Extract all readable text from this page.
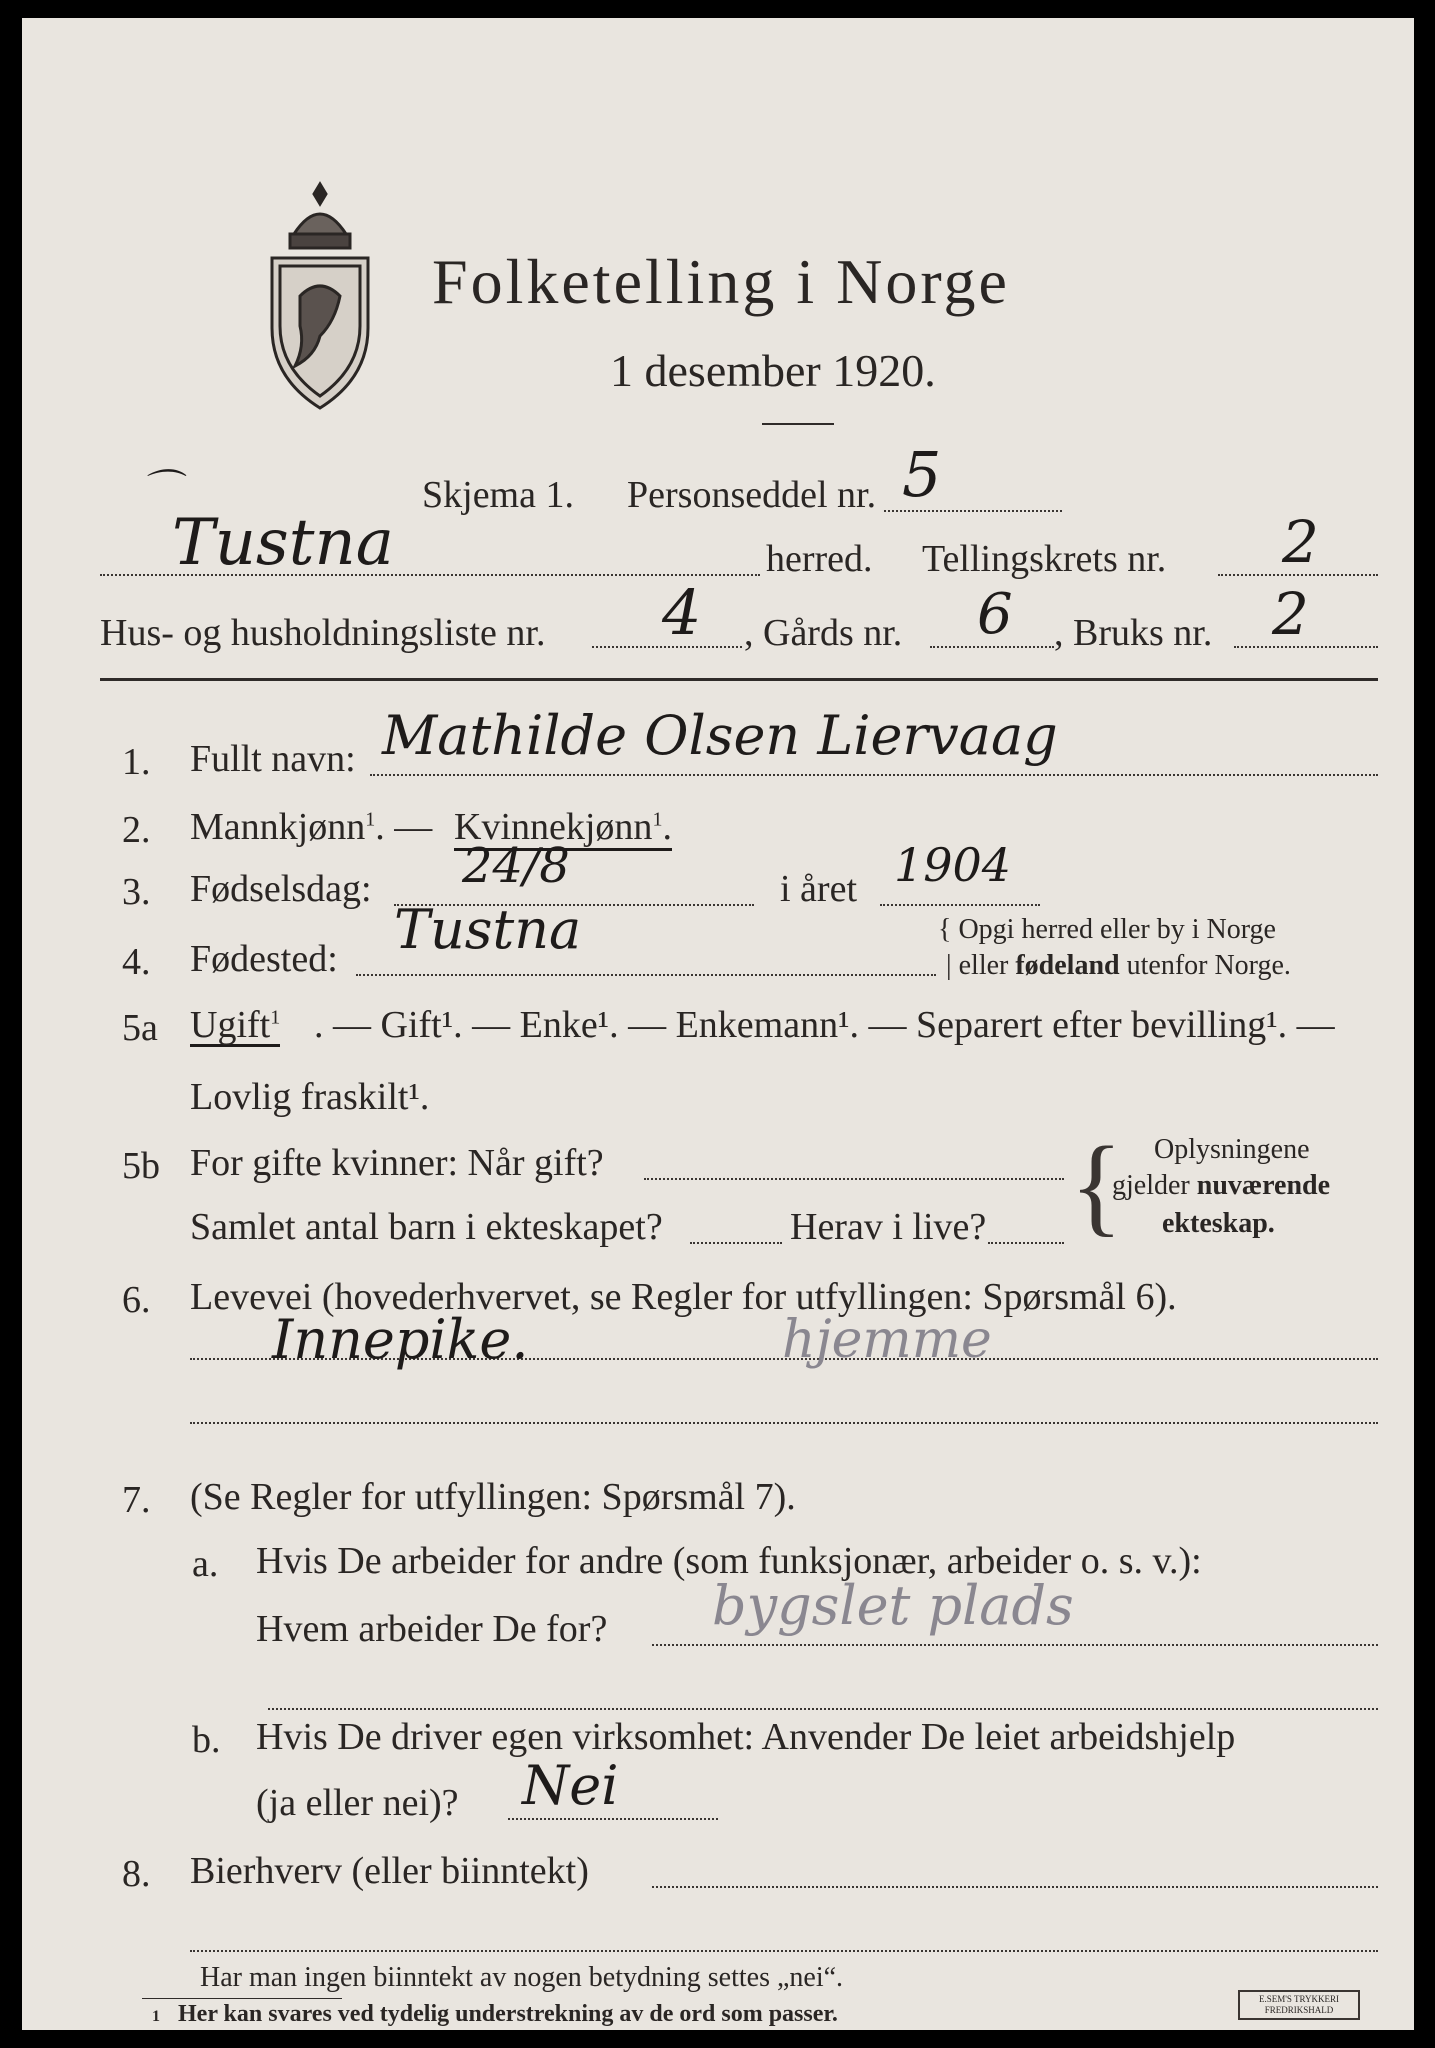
Folketelling i Norge
1 desember 1920.
⌒	Skjema 1. Personseddel nr. 5
Tustna	herred. Tellingskrets nr. 2
Hus- og husholdningsliste nr. 4 , Gårds nr. 6 , Bruks nr. 2
1. Fullt navn: Mathilde Olsen Liervaag
2. Mannkjønn$^1$. — Kvinnekjønn$^1$.
3. Fødselsdag: 24/8	i året 1904
4. Fødested: Tustna	{ Opgi herred eller by i Norge
| eller fødeland utenfor Norge.
5a Ugift$^1$ . — Gift¹. — Enke¹. — Enkemann¹. — Separert efter bevilling¹. —
Lovlig fraskilt¹.
5b For gifte kvinner: Når gift?
Samlet antal barn i ekteskapet?	Herav i live? { Oplysningene
gjelder nuværende
ekteskap.
6. Levevei (hovederhvervet, se Regler for utfyllingen: Spørsmål 6).
Innepike.	hjemme
7. (Se Regler for utfyllingen: Spørsmål 7).
a. Hvis De arbeider for andre (som funksjonær, arbeider o. s. v.):
Hvem arbeider De for? bygslet plads
b. Hvis De driver egen virksomhet: Anvender De leiet arbeidshjelp
(ja eller nei)? Nei
8. Bierhverv (eller biinntekt)
Har man ingen biinntekt av nogen betydning settes „nei“.
1 Her kan svares ved tydelig understrekning av de ord som passer.
E.SEM'S TRYKKERI FREDRIKSHALD
